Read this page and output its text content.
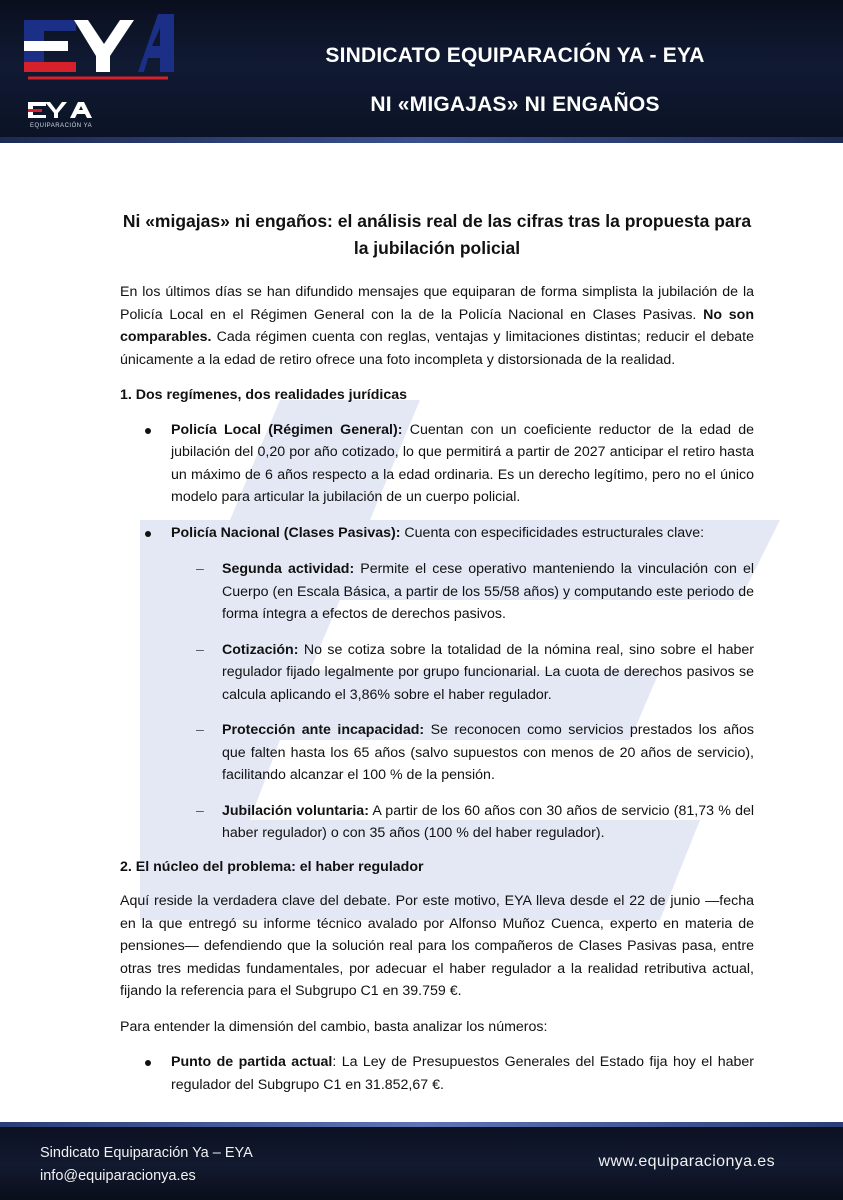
EQUIPARACIÓN YA
SINDICATO EQUIPARACIÓN YA - EYA
NI «MIGAJAS» NI ENGAÑOS
Ni «migajas» ni engaños: el análisis real de las cifras tras la propuesta para la jubilación policial

En los últimos días se han difundido mensajes que equiparan de forma simplista la jubilación de la Policía Local en el Régimen General con la de la Policía Nacional en Clases Pasivas. No son comparables. Cada régimen cuenta con reglas, ventajas y limitaciones distintas; reducir el debate únicamente a la edad de retiro ofrece una foto incompleta y distorsionada de la realidad.

1. Dos regímenes, dos realidades jurídicas
Policía Local (Régimen General): Cuentan con un coeficiente reductor de la edad de jubilación del 0,20 por año cotizado, lo que permitirá a partir de 2027 anticipar el retiro hasta un máximo de 6 años respecto a la edad ordinaria. Es un derecho legítimo, pero no el único modelo para articular la jubilación de un cuerpo policial.
Policía Nacional (Clases Pasivas): Cuenta con especificidades estructurales clave:
– Segunda actividad: Permite el cese operativo manteniendo la vinculación con el Cuerpo (en Escala Básica, a partir de los 55/58 años) y computando este periodo de forma íntegra a efectos de derechos pasivos.
– Cotización: No se cotiza sobre la totalidad de la nómina real, sino sobre el haber regulador fijado legalmente por grupo funcionarial. La cuota de derechos pasivos se calcula aplicando el 3,86% sobre el haber regulador.
– Protección ante incapacidad: Se reconocen como servicios prestados los años que falten hasta los 65 años (salvo supuestos con menos de 20 años de servicio), facilitando alcanzar el 100 % de la pensión.
– Jubilación voluntaria: A partir de los 60 años con 30 años de servicio (81,73 % del haber regulador) o con 35 años (100 % del haber regulador).
2. El núcleo del problema: el haber regulador

Aquí reside la verdadera clave del debate. Por este motivo, EYA lleva desde el 22 de junio —fecha en la que entregó su informe técnico avalado por Alfonso Muñoz Cuenca, experto en materia de pensiones— defendiendo que la solución real para los compañeros de Clases Pasivas pasa, entre otras tres medidas fundamentales, por adecuar el haber regulador a la realidad retributiva actual, fijando la referencia para el Subgrupo C1 en 39.759 €.

Para entender la dimensión del cambio, basta analizar los números:

Punto de partida actual: La Ley de Presupuestos Generales del Estado fija hoy el haber regulador del Subgrupo C1 en 31.852,67 €.
Sindicato Equiparación Ya – EYA
info@equiparacionya.es
www.equiparacionya.es
